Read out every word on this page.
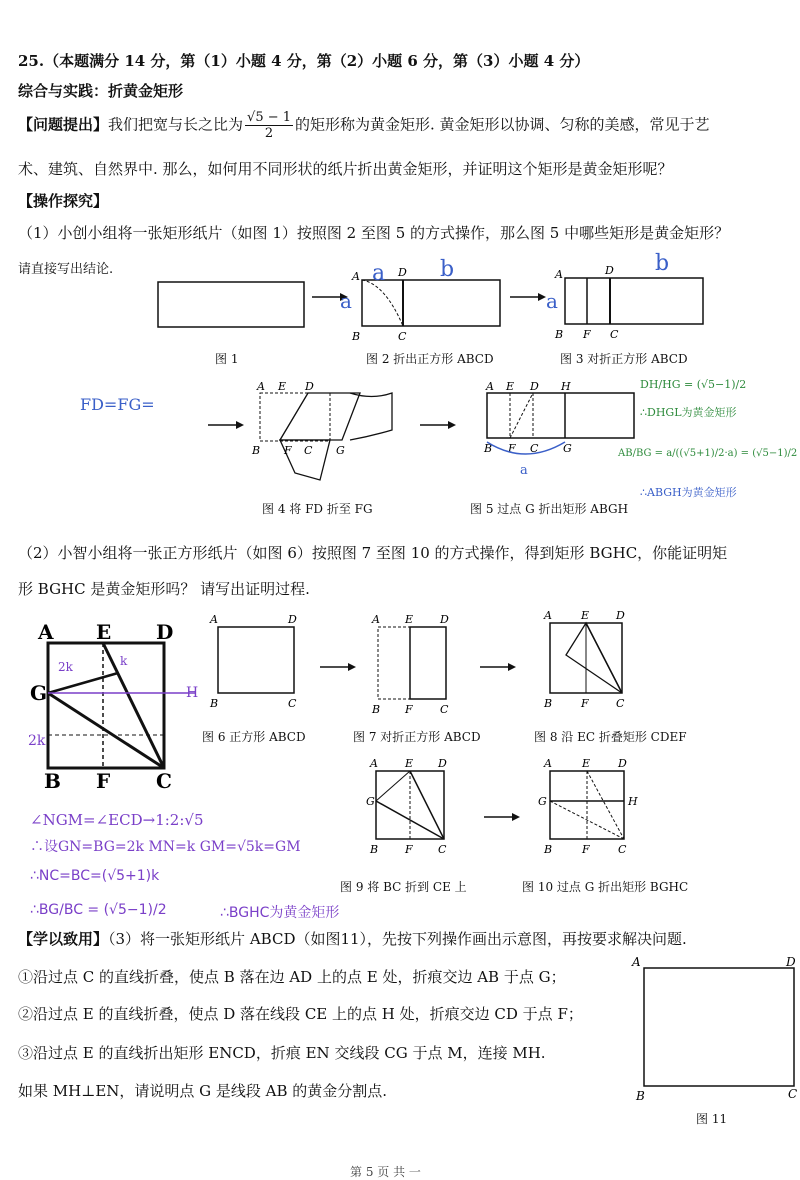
25.（本题满分 14 分，第（1）小题 4 分，第（2）小题 6 分，第（3）小题 4 分）
综合与实践：折黄金矩形
【问题提出】我们把宽与长之比为 $\frac{√5 - 1}{2}$ 的矩形称为黄金矩形. 黄金矩形以协调、匀称的美感，常见于艺
术、建筑、自然界中. 那么，如何用不同形状的纸片折出黄金矩形，并证明这个矩形是黄金矩形呢？
【操作探究】
（1）小创小组将一张矩形纸片（如图 1）按照图 2 至图 5 的方式操作，那么图 5 中哪些矩形是黄金矩形？
请直接写出结论.	A	D
B	C
A	D
B F C
a b
a
b
a
图 1	图 2 折出正方形 ABCD	图 3 对折正方形 ABCD
FD=FG=
A E D
B F C G
A E D H
B F C G
a
DH/HG = (√5−1)/2
∴DHGL为黄金矩形
AB/BG = a/((√5+1)/2·a) = (√5−1)/2
∴ABGH为黄金矩形
图 4 将 FD 折至 FG	图 5 过点 G 折出矩形 ABGH
（2）小智小组将一张正方形纸片（如图 6）按照图 7 至图 10 的方式操作，得到矩形 BGHC，你能证明矩
形 BGHC 是黄金矩形吗？ 请写出证明过程.
A E D
G
B F C
2k
2k
k
H
A	D
B	C
A E D
B F C
A	E D
B	F C
图 6 正方形 ABCD	图 7 对折正方形 ABCD	图 8 沿 EC 折叠矩形 CDEF
A E D
G
B F C
A	E	D
G	H
B	F	C
∠NGM=∠ECD→1:2:√5
∴设GN=BG=2k MN=k GM=√5k=GM
图 9 将 BC 折到 CE 上	图 10 过点 G 折出矩形 BGHC
∴NC=BC=(√5+1)k
∴BG/BC = (√5−1)/2	∴BGHC为黄金矩形
【学以致用】（3）将一张矩形纸片 ABCD（如图11），先按下列操作画出示意图，再按要求解决问题.
①沿过点 C 的直线折叠，使点 B 落在边 AD 上的点 E 处，折痕交边 AB 于点 G；
②沿过点 E 的直线折叠，使点 D 落在线段 CE 上的点 H 处，折痕交边 CD 于点 F；
③沿过点 E 的直线折出矩形 ENCD，折痕 EN 交线段 CG 于点 M，连接 MH.
如果 MH⊥EN，请说明点 G 是线段 AB 的黄金分割点.
A	D
B	C
图 11
第 5 页 共 一
